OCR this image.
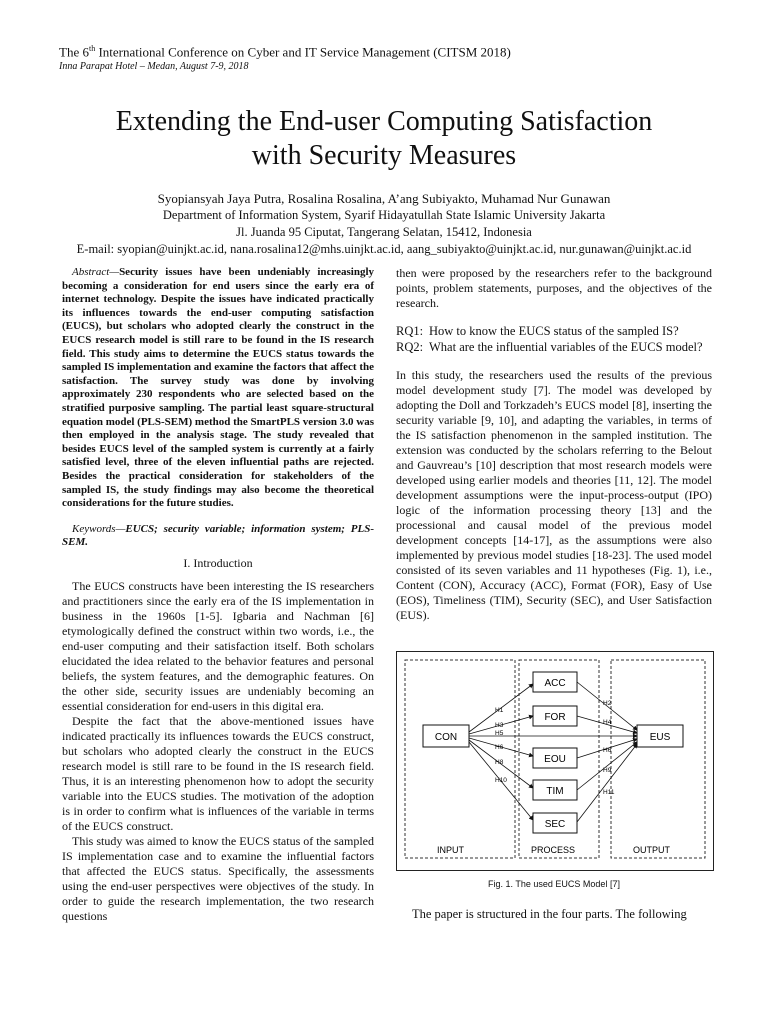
The 6th International Conference on Cyber and IT Service Management (CITSM 2018)
Inna Parapat Hotel – Medan, August 7-9, 2018
Extending the End-user Computing Satisfaction
with Security Measures
Syopiansyah Jaya Putra, Rosalina Rosalina, A’ang Subiyakto, Muhamad Nur Gunawan
Department of Information System, Syarif Hidayatullah State Islamic University Jakarta
Jl. Juanda 95 Ciputat, Tangerang Selatan, 15412, Indonesia
E-mail: syopian@uinjkt.ac.id, nana.rosalina12@mhs.uinjkt.ac.id, aang_subiyakto@uinjkt.ac.id, nur.gunawan@uinjkt.ac.id

Abstract—Security issues have been undeniably increasingly becoming a consideration for end users since the early era of internet technology. Despite the issues have indicated practically its influences towards the end-user computing satisfaction (EUCS), but scholars who adopted clearly the construct in the EUCS research model is still rare to be found in the IS research field. This study aims to determine the EUCS status towards the sampled IS implementation and examine the factors that affect the satisfaction. The survey study was done by involving approximately 230 respondents who are selected based on the stratified purposive sampling. The partial least square-structural equation model (PLS-SEM) method the SmartPLS version 3.0 was then employed in the analysis stage. The study revealed that besides EUCS level of the sampled system is currently at a fairly satisfied level, three of the eleven influential paths are rejected. Besides the practical consideration for stakeholders of the sampled IS, the study findings may also become the theoretical considerations for the future studies.

Keywords—EUCS; security variable; information system; PLS-SEM.

I. Introduction

The EUCS constructs have been interesting the IS researchers and practitioners since the early era of the IS implementation in business in the 1960s [1-5]. Igbaria and Nachman [6] etymologically defined the construct within two words, i.e., the end-user computing and their satisfaction itself. Both scholars elucidated the idea related to the behavior features and personal beliefs, the system features, and the demographic features. On the other side, security issues are undeniably becoming an essential consideration for end-users in this digital era.

Despite the fact that the above-mentioned issues have indicated practically its influences towards the EUCS construct, but scholars who adopted clearly the construct in the EUCS research model is still rare to be found in the IS research field. Thus, it is an interesting phenomenon how to adopt the security variable into the EUCS studies. The motivation of the adoption is in order to confirm what is influences of the variable in terms of the EUCS construct.

This study was aimed to know the EUCS status of the sampled IS implementation case and to examine the influential factors that affected the EUCS status. Specifically, the assessments using the end-user perspectives were objectives of the study. In order to guide the research implementation, the two research questions

then were proposed by the researchers refer to the background points, problem statements, purposes, and the objectives of the research.

RQ1: How to know the EUCS status of the sampled IS?
RQ2: What are the influential variables of the EUCS model?

In this study, the researchers used the results of the previous model development study [7]. The model was developed by adopting the Doll and Torkzadeh’s EUCS model [8], inserting the security variable [9, 10], and adapting the variables, in terms of the IS satisfaction phenomenon in the sampled institution. The extension was conducted by the scholars referring to the Belout and Gauvreau’s [10] description that most research models were developed using earlier models and theories [11, 12]. The model development assumptions were the input-process-output (IPO) logic of the information processing theory [13] and the processional and causal model of the previous model development concepts [14-17], as the assumptions were also implemented by previous model studies [18-23]. The used model consisted of its seven variables and 11 hypotheses (Fig. 1), i.e., Content (CON), Accuracy (ACC), Format (FOR), Easy of Use (EOS), Timeliness (TIM), Security (SEC), and User Satisfaction (EUS).

CON
ACC
FOR
EOU
TIM
SEC
EUS
H1
H3
H5
H6
H8
H10
H2
H4
H6
H9
H11
INPUT	PROCESS	OUTPUT
Fig. 1. The used EUCS Model [7]

The paper is structured in the four parts. The following
